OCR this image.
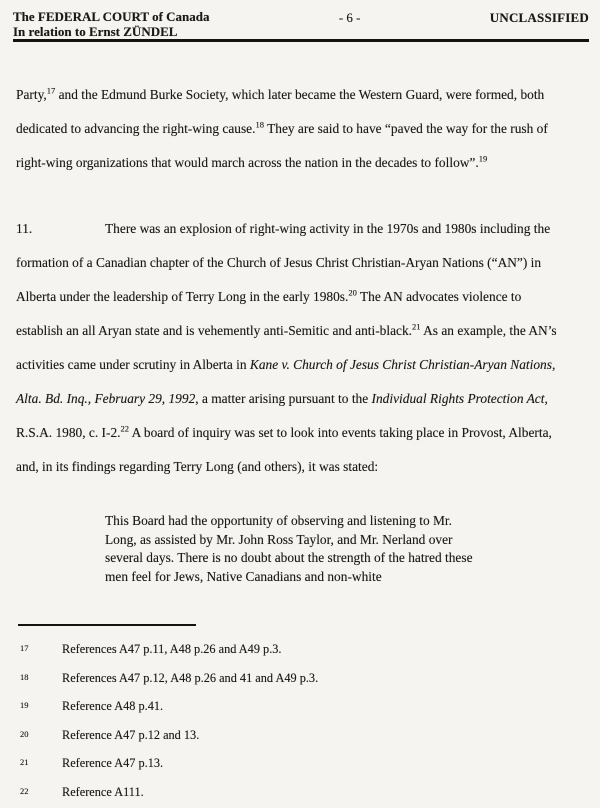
The FEDERAL COURT of Canada
In relation to Ernst ZÜNDEL
- 6 -	UNCLASSIFIED

Party,$^{17}$ and the Edmund Burke Society, which later became the Western Guard, were formed, both dedicated to advancing the right-wing cause.$^{18}$ They are said to have “paved the way for the rush of right-wing organizations that would march across the nation in the decades to follow”.$^{19}$

11.	There was an explosion of right-wing activity in the 1970s and 1980s including the formation of a Canadian chapter of the Church of Jesus Christ Christian-Aryan Nations (“AN”) in Alberta under the leadership of Terry Long in the early 1980s.$^{20}$ The AN advocates violence to establish an all Aryan state and is vehemently anti-Semitic and anti-black.$^{21}$ As an example, the AN’s activities came under scrutiny in Alberta in Kane v. Church of Jesus Christ Christian-Aryan Nations, Alta. Bd. Inq., February 29, 1992, a matter arising pursuant to the Individual Rights Protection Act, R.S.A. 1980, c. I-2.22 A board of inquiry was set to look into events taking place in Provost, Alberta, and, in its findings regarding Terry Long (and others), it was stated:

This Board had the opportunity of observing and listening to Mr. Long, as assisted by Mr. John Ross Taylor, and Mr. Nerland over several days. There is no doubt about the strength of the hatred these men feel for Jews, Native Canadians and non-white
17	References A47 p.11, A48 p.26 and A49 p.3.
18	References A47 p.12, A48 p.26 and 41 and A49 p.3.
19	Reference A48 p.41.
20	Reference A47 p.12 and 13.
21	Reference A47 p.13.
22	Reference A111.
